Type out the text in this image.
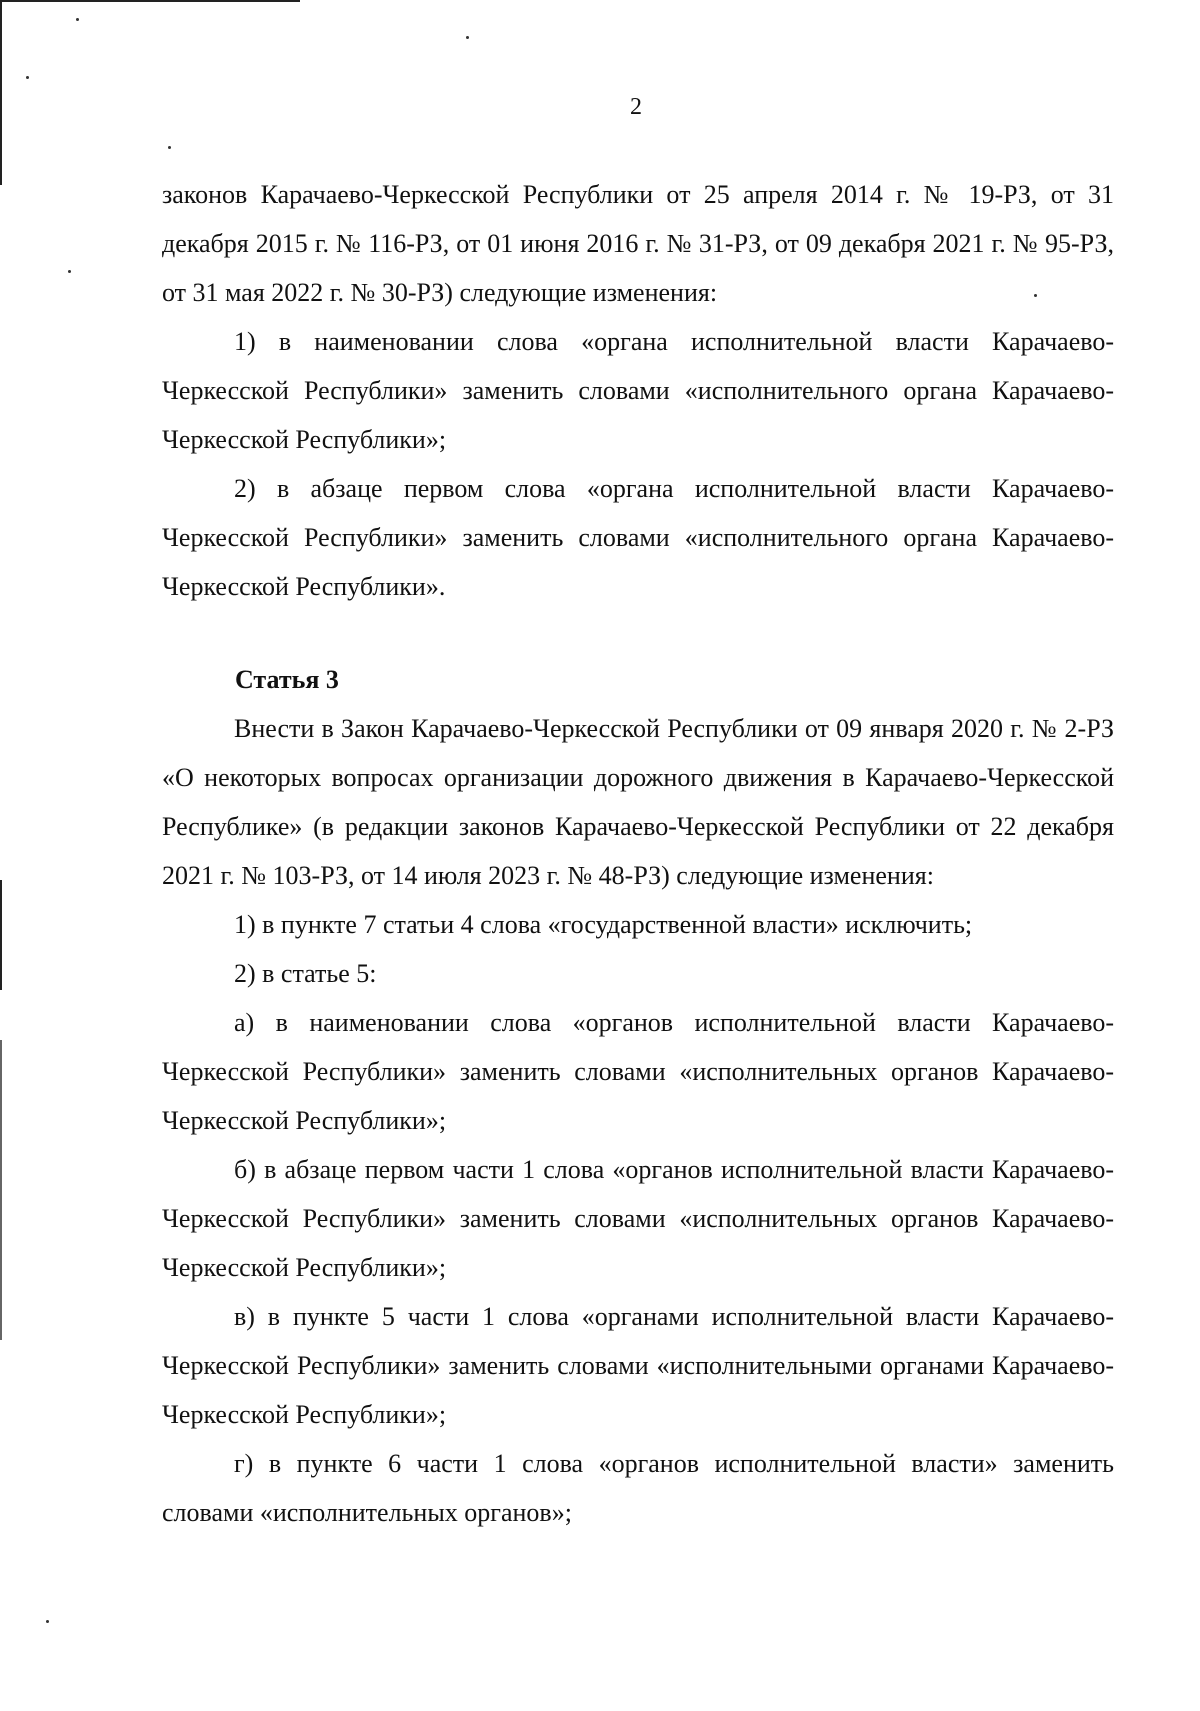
2

законов Карачаево-Черкесской Республики от 25 апреля 2014 г. № 19-РЗ, от 31 декабря 2015 г. № 116-РЗ, от 01 июня 2016 г. № 31-РЗ, от 09 декабря 2021 г. № 95-РЗ, от 31 мая 2022 г. № 30-РЗ) следующие изменения:

1) в наименовании слова «органа исполнительной власти Карачаево-Черкесской Республики» заменить словами «исполнительного органа Карачаево-Черкесской Республики»;

2) в абзаце первом слова «органа исполнительной власти Карачаево-Черкесской Республики» заменить словами «исполнительного органа Карачаево-Черкесской Республики».

Статья 3

Внести в Закон Карачаево-Черкесской Республики от 09 января 2020 г. № 2-РЗ «О некоторых вопросах организации дорожного движения в Карачаево-Черкесской Республике» (в редакции законов Карачаево-Черкесской Республики от 22 декабря 2021 г. № 103-РЗ, от 14 июля 2023 г. № 48-РЗ) следующие изменения:

1) в пункте 7 статьи 4 слова «государственной власти» исключить;

2) в статье 5:

а) в наименовании слова «органов исполнительной власти Карачаево-Черкесской Республики» заменить словами «исполнительных органов Карачаево-Черкесской Республики»;

б) в абзаце первом части 1 слова «органов исполнительной власти Карачаево-Черкесской Республики» заменить словами «исполнительных органов Карачаево-Черкесской Республики»;

в) в пункте 5 части 1 слова «органами исполнительной власти Карачаево-Черкесской Республики» заменить словами «исполнительными органами Карачаево-Черкесской Республики»;

г) в пункте 6 части 1 слова «органов исполнительной власти» заменить словами «исполнительных органов»;
